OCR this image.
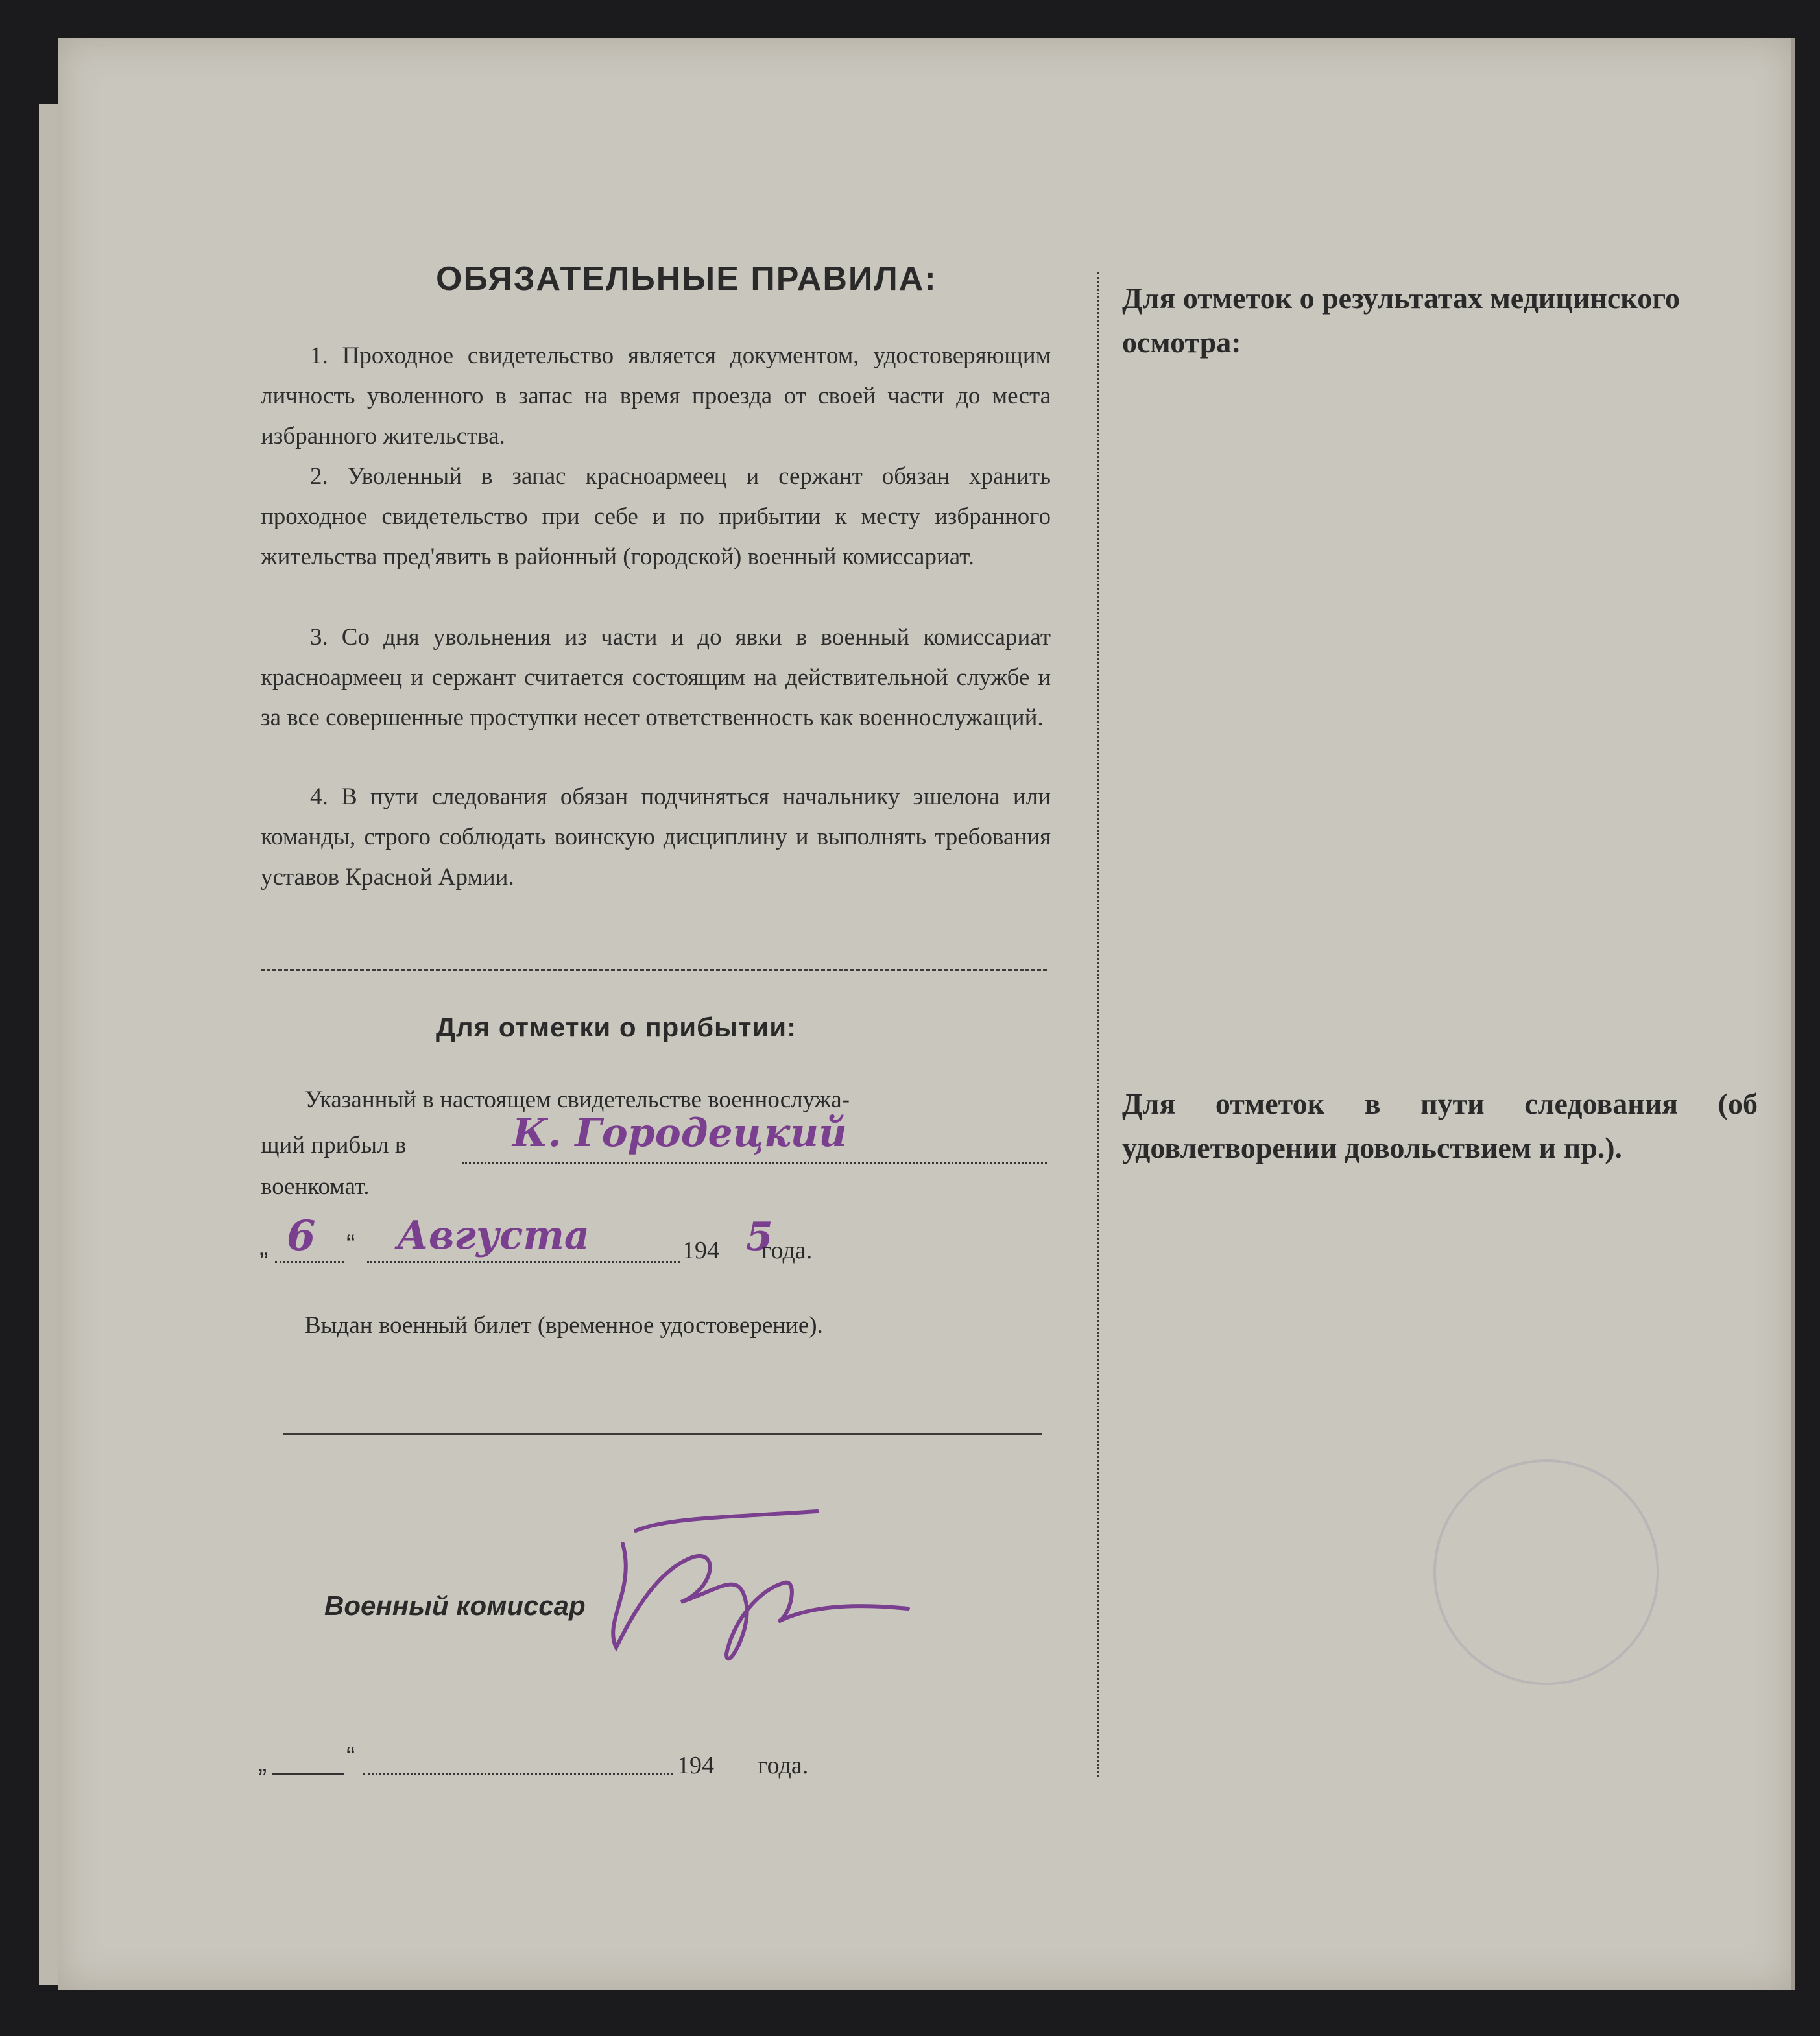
ОБЯЗАТЕЛЬНЫЕ ПРАВИЛА:
1. Проходное свидетельство является документом, удостоверяющим личность уволенного в запас на время проезда от своей части до места избранного жительства.
2. Уволенный в запас красноармеец и сержант обязан хранить проходное свидетельство при себе и по прибытии к месту избранного жительства пред'явить в районный (городской) военный комиссариат.
3. Со дня увольнения из части и до явки в военный комиссариат красноармеец и сержант считается состоящим на действительной службе и за все совершенные проступки несет ответственность как военнослужащий.
4. В пути следования обязан подчиняться начальнику эшелона или команды, строго соблюдать воинскую дисциплину и выполнять требования уставов Красной Армии.
Для отметки о прибытии:
Указанный в настоящем свидетельстве военнослужа-
щий прибыл в	К. Городецкий
военкомат.
„ 6 “ Августа	194 5
года.
Выдан военный билет (временное удостоверение).
Военный комиссар
„	“	194 года.
Для отметок о результатах медицинского осмотра:
Для отметок в пути следования (об удовлетворении довольствием и пр.).
